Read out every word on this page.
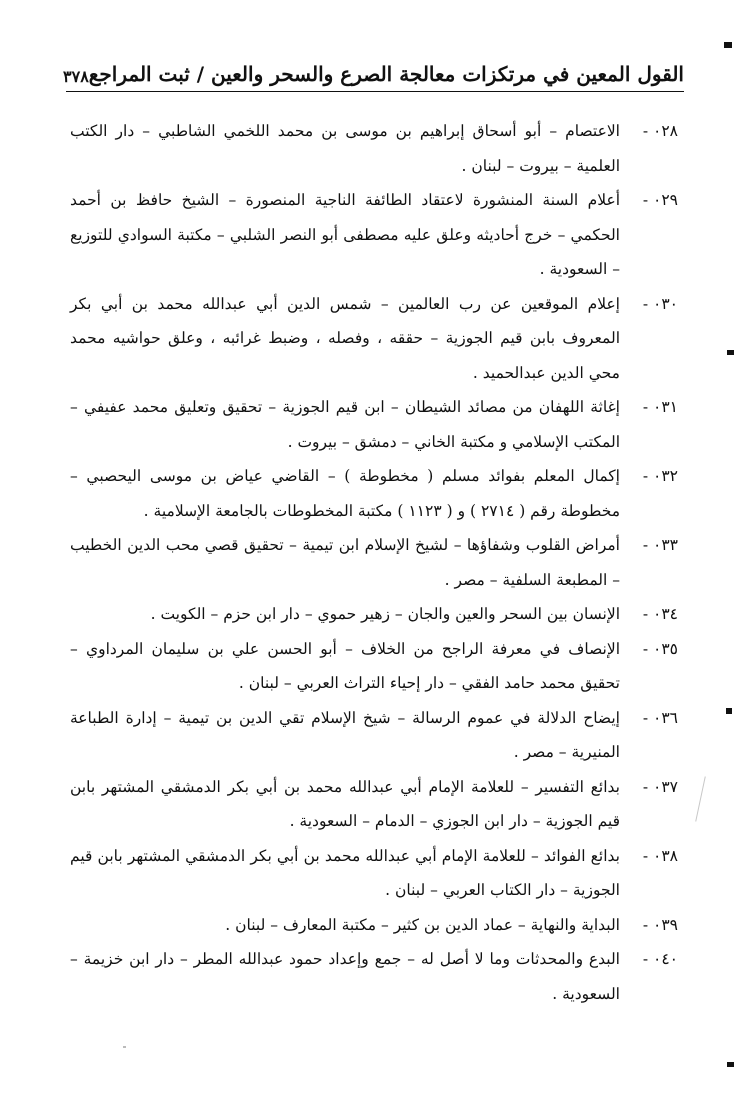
القول المعين في مرتكزات معالجة الصرع والسحر والعين / ثبت المراجع
٣٧٨
٠٢٨ -
الاعتصام – أبو أسحاق إبراهيم بن موسى بن محمد اللخمي الشاطبي – دار الكتب العلمية – بيروت – لبنان .
٠٢٩ -
أعلام السنة المنشورة لاعتقاد الطائفة الناجية المنصورة – الشيخ حافظ بن أحمد الحكمي – خرج أحاديثه وعلق عليه مصطفى أبو النصر الشلبي – مكتبة السوادي للتوزيع – السعودية .
٠٣٠ -
إعلام الموقعين عن رب العالمين – شمس الدين أبي عبدالله محمد بن أبي بكر المعروف بابن قيم الجوزية – حققه ، وفصله ، وضبط غرائبه ، وعلق حواشيه محمد محي الدين عبدالحميد .
٠٣١ -
إغاثة اللهفان من مصائد الشيطان – ابن قيم الجوزية – تحقيق وتعليق محمد عفيفي – المكتب الإسلامي و مكتبة الخاني – دمشق – بيروت .
٠٣٢ -
إكمال المعلم بفوائد مسلم ( مخطوطة ) – القاضي عياض بن موسى اليحصبي – مخطوطة رقم ( ٢٧١٤ ) و ( ١١٢٣ ) مكتبة المخطوطات بالجامعة الإسلامية .
٠٣٣ -
أمراض القلوب وشفاؤها – لشيخ الإسلام ابن تيمية – تحقيق قصي محب الدين الخطيب – المطبعة السلفية – مصر .
٠٣٤ -
الإنسان بين السحر والعين والجان – زهير حموي – دار ابن حزم – الكويت .
٠٣٥ -
الإنصاف في معرفة الراجح من الخلاف – أبو الحسن علي بن سليمان المرداوي – تحقيق محمد حامد الفقي – دار إحياء التراث العربي – لبنان .
٠٣٦ -
إيضاح الدلالة في عموم الرسالة – شيخ الإسلام تقي الدين بن تيمية – إدارة الطباعة المنيرية – مصر .
٠٣٧ -
بدائع التفسير – للعلامة الإمام أبي عبدالله محمد بن أبي بكر الدمشقي المشتهر بابن قيم الجوزية – دار ابن الجوزي – الدمام – السعودية .
٠٣٨ -
بدائع الفوائد – للعلامة الإمام أبي عبدالله محمد بن أبي بكر الدمشقي المشتهر بابن قيم الجوزية – دار الكتاب العربي – لبنان .
٠٣٩ -
البداية والنهاية – عماد الدين بن كثير – مكتبة المعارف – لبنان .
٠٤٠ -
البدع والمحدثات وما لا أصل له – جمع وإعداد حمود عبدالله المطر – دار ابن خزيمة – السعودية .
